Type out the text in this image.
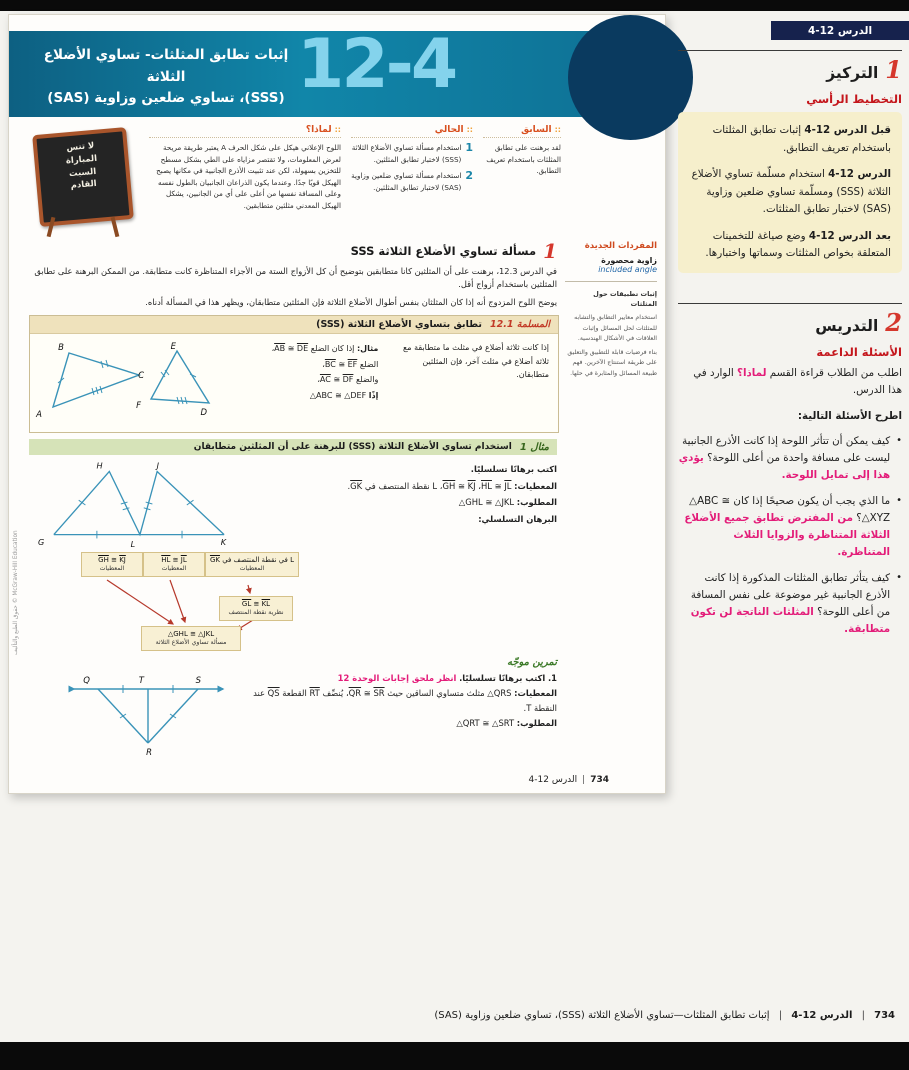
الدرس 12-4
12-4
إثبات تطابق المثلثات- تساوي الأضلاع الثلاثة
(SSS)، تساوي ضلعين وزاوية (SAS)
::
السابق
لقد برهنت على تطابق المثلثات باستخدام تعريف التطابق.
::
الحالي
1
استخدام مسألة تساوي الأضلاع الثلاثة (SSS) لاختبار تطابق المثلثين.
2
استخدام مسألة تساوي ضلعين وزاوية (SAS) لاختبار تطابق المثلثين.
::
لماذا؟
اللوح الإعلاني هيكل على شكل الحرف A يعتبر طريقة مريحة لعرض المعلومات، ولا تقتصر مزاياه على الطي بشكل مسطح للتخزين بسهولة، لكن عند تثبيت الأذرع الجانبية في مكانها يصبح الهيكل قويًا جدًا. وعندما يكون الذراعان الجانبيان بالطول نفسه وعلى المسافة نفسها من أعلى على أي من الجانبين، يشكل الهيكل المعدني مثلثين متطابقين.
لا تنس
المباراة
السبت
القادم
المفردات الجديدة
زاوية محصورة
included angle
إثبات تطبيقات حول المثلثات
استخدام معايير التطابق والتشابه للمثلثات لحل المسائل وإثبات العلاقات في الأشكال الهندسية.
بناء فرضيات قابلة للتطبيق والتعليق على طريقة استنتاج الآخرين. فهم طبيعة المسائل والمثابرة في حلها.
1
مسألة تساوي الأضلاع الثلاثة SSS
في الدرس 12.3، برهنت على أن المثلثين كانا متطابقين بتوضيح أن كل الأزواج الستة من الأجزاء المتناظرة كانت متطابقة. من الممكن البرهنة على تطابق المثلثين باستخدام أزواج أقل.
يوضح اللوح المزدوج أنه إذا كان المثلثان بنفس أطوال الأضلاع الثلاثة فإن المثلثين متطابقان، ويظهر هذا في المسألة أدناه.
المسلمة 12.1
تطابق بتساوي الأضلاع الثلاثة (SSS)
إذا كانت ثلاثة أضلاع في مثلث ما متطابقة مع ثلاثة أضلاع في مثلث آخر، فإن المثلثين متطابقان.
مثال: إذا كان الضلع $\overline{AB}$ ≅ $\overline{DE}،$
الضلع $\overline{BC}$ ≅ $\overline{EF}،$
والضلع $\overline{AC}$ ≅ $\overline{DF}،$
إذًا △ABC ≅ △DEF
B
C
A
E
F
D
مثال 1
استخدام تساوي الأضلاع الثلاثة (SSS) للبرهنة على أن المثلثين متطابقان
اكتب برهانًا تسلسليًا.
المعطيات: $\overline{HL}$ ≅ $\overline{JL}،$ $\overline{GH}$ ≅ $\overline{KJ}،$ L نقطة المنتصف في $\overline{GK}$.
المطلوب: △GHL ≅ △JKL
البرهان التسلسلي:
G
H	J
K
L
$\overline{GH}$ ≅ $\overline{KJ}$
المعطيات
$\overline{HL}$ ≅ $\overline{JL}$
المعطيات
L في نقطة المنتصف في $\overline{GK}$
المعطيات
$\overline{GL}$ ≅ $\overline{KL}$
نظرية نقطة المنتصف
△GHL ≅ △JKL
مسألة تساوي الأضلاع الثلاثة
تمرين موجّه
1. اكتب برهانًا تسلسليًا. انظر ملحق إجابات الوحدة 12
المعطيات: △QRS مثلث متساوي الساقين حيث $\overline{QR}$ ≅ $\overline{SR}،$ يُنصِّف $\overline{RT}$ القطعة $\overline{QS}$ عند النقطة T.
المطلوب: △QRT ≅ △SRT
Q	T	S
R
734|الدرس 12-4
حقوق الطبع والتأليف © McGraw-Hill Education
1
التركيز
التخطيط الرأسي

قبل الدرس 12-4 إثبات تطابق المثلثات باستخدام تعريف التطابق.

الدرس 12-4 استخدام مسلّمة تساوي الأضلاع الثلاثة (SSS) ومسلّمة تساوي ضلعين وزاوية (SAS) لاختبار تطابق المثلثات.

بعد الدرس 12-4 وضع صياغة للتخمينات المتعلقة بخواص المثلثات وسماتها واختبارها.

2
التدريس
الأسئلة الداعمة
اطلب من الطلاب قراءة القسم لماذا؟ الوارد في هذا الدرس.
اطرح الأسئلة التالية:
•
كيف يمكن أن تتأثر اللوحة إذا كانت الأذرع الجانبية ليست على مسافة واحدة من أعلى اللوحة؟ يؤدي هذا إلى تمايل اللوحة.
•
ما الذي يجب أن يكون صحيحًا إذا كان △ABC ≅ △XYZ؟ من المفترض تطابق جميع الأضلاع الثلاثة المتناظرة والزوايا الثلاث المتناظرة.
•
كيف يتأثر تطابق المثلثات المذكورة إذا كانت الأذرع الجانبية غير موضوعة على نفس المسافة من أعلى اللوحة؟ المثلثات الناتجة لن تكون متطابقة.
734 | الدرس 12-4 | إثبات تطابق المثلثات—تساوي الأضلاع الثلاثة (SSS)، تساوي ضلعين وزاوية (SAS)
